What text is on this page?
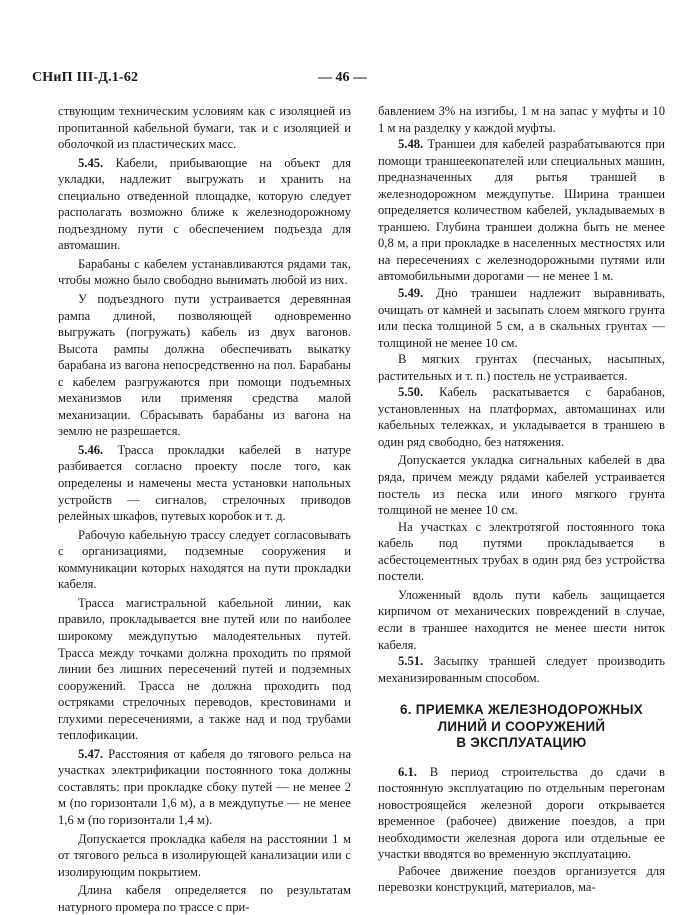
СНиП III-Д.1-62	— 46 —

ствующим техническим условиям как с изоляцией из пропитанной кабельной бумаги, так и с изоляцией и оболочкой из пластических масс.

5.45. Кабели, прибывающие на объект для укладки, надлежит выгружать и хранить на специально отведенной площадке, которую следует располагать возможно ближе к железнодорожному подъездному пути с обеспечением подъезда для автомашин.

Барабаны с кабелем устанавливаются рядами так, чтобы можно было свободно вынимать любой из них.

У подъездного пути устраивается деревянная рампа длиной, позволяющей одновременно выгружать (погружать) кабель из двух вагонов. Высота рампы должна обеспечивать выкатку барабана из вагона непосредственно на пол. Барабаны с кабелем разгружаются при помощи подъемных механизмов или применяя средства малой механизации. Сбрасывать барабаны из вагона на землю не разрешается.

5.46. Трасса прокладки кабелей в натуре разбивается согласно проекту после того, как определены и намечены места установки напольных устройств — сигналов, стрелочных приводов релейных шкафов, путевых коробок и т. д.

Рабочую кабельную трассу следует согласовывать с организациями, подземные сооружения и коммуникации которых находятся на пути прокладки кабеля.

Трасса магистральной кабельной линии, как правило, прокладывается вне путей или по наиболее широкому междупутью малодеятельных путей. Трасса между точками должна проходить по прямой линии без лишних пересечений путей и подземных сооружений. Трасса не должна проходить под остряками стрелочных переводов, крестовинами и глухими пересечениями, а также над и под трубами теплофикации.

5.47. Расстояния от кабеля до тягового рельса на участках электрификации постоянного тока должны составлять: при прокладке сбоку путей — не менее 2 м (по горизонтали 1,6 м), а в междупутье — не менее 1,6 м (по горизонтали 1,4 м).

Допускается прокладка кабеля на расстоянии 1 м от тягового рельса в изолирующей канализации или с изолирующим покрытием.

Длина кабеля определяется по результатам натурного промера по трассе с при-

бавлением 3% на изгибы, 1 м на запас у муфты и 10 1 м на разделку у каждой муфты.

5.48. Траншеи для кабелей разрабатываются при помощи траншеекопателей или специальных машин, предназначенных для рытья траншей в железнодорожном междупутье. Ширина траншеи определяется количеством кабелей, укладываемых в траншею. Глубина траншеи должна быть не менее 0,8 м, а при прокладке в населенных местностях или на пересечениях с железнодорожными путями или автомобильными дорогами — не менее 1 м.

5.49. Дно траншеи надлежит выравнивать, очищать от камней и засыпать слоем мягкого грунта или песка толщиной 5 см, а в скальных грунтах — толщиной не менее 10 см.

В мягких грунтах (песчаных, насыпных, растительных и т. п.) постель не устраивается.

5.50. Кабель раскатывается с барабанов, установленных на платформах, автомашинах или кабельных тележках, и укладывается в траншею в один ряд свободно, без натяжения.

Допускается укладка сигнальных кабелей в два ряда, причем между рядами кабелей устраивается постель из песка или иного мягкого грунта толщиной не менее 10 см.

На участках с электротягой постоянного тока кабель под путями прокладывается в асбестоцементных трубах в один ряд без устройства постели.

Уложенный вдоль пути кабель защищается кирпичом от механических повреждений в случае, если в траншее находится не менее шести ниток кабеля.

5.51. Засыпку траншей следует производить механизированным способом.

6. ПРИЕМКА ЖЕЛЕЗНОДОРОЖНЫХ
ЛИНИЙ И СООРУЖЕНИЙ
В ЭКСПЛУАТАЦИЮ

6.1. В период строительства до сдачи в постоянную эксплуатацию по отдельным перегонам новостроящейся железной дороги открывается временное (рабочее) движение поездов, а при необходимости железная дорога или отдельные ее участки вводятся во временную эксплуатацию.

Рабочее движение поездов организуется для перевозки конструкций, материалов, ма-
